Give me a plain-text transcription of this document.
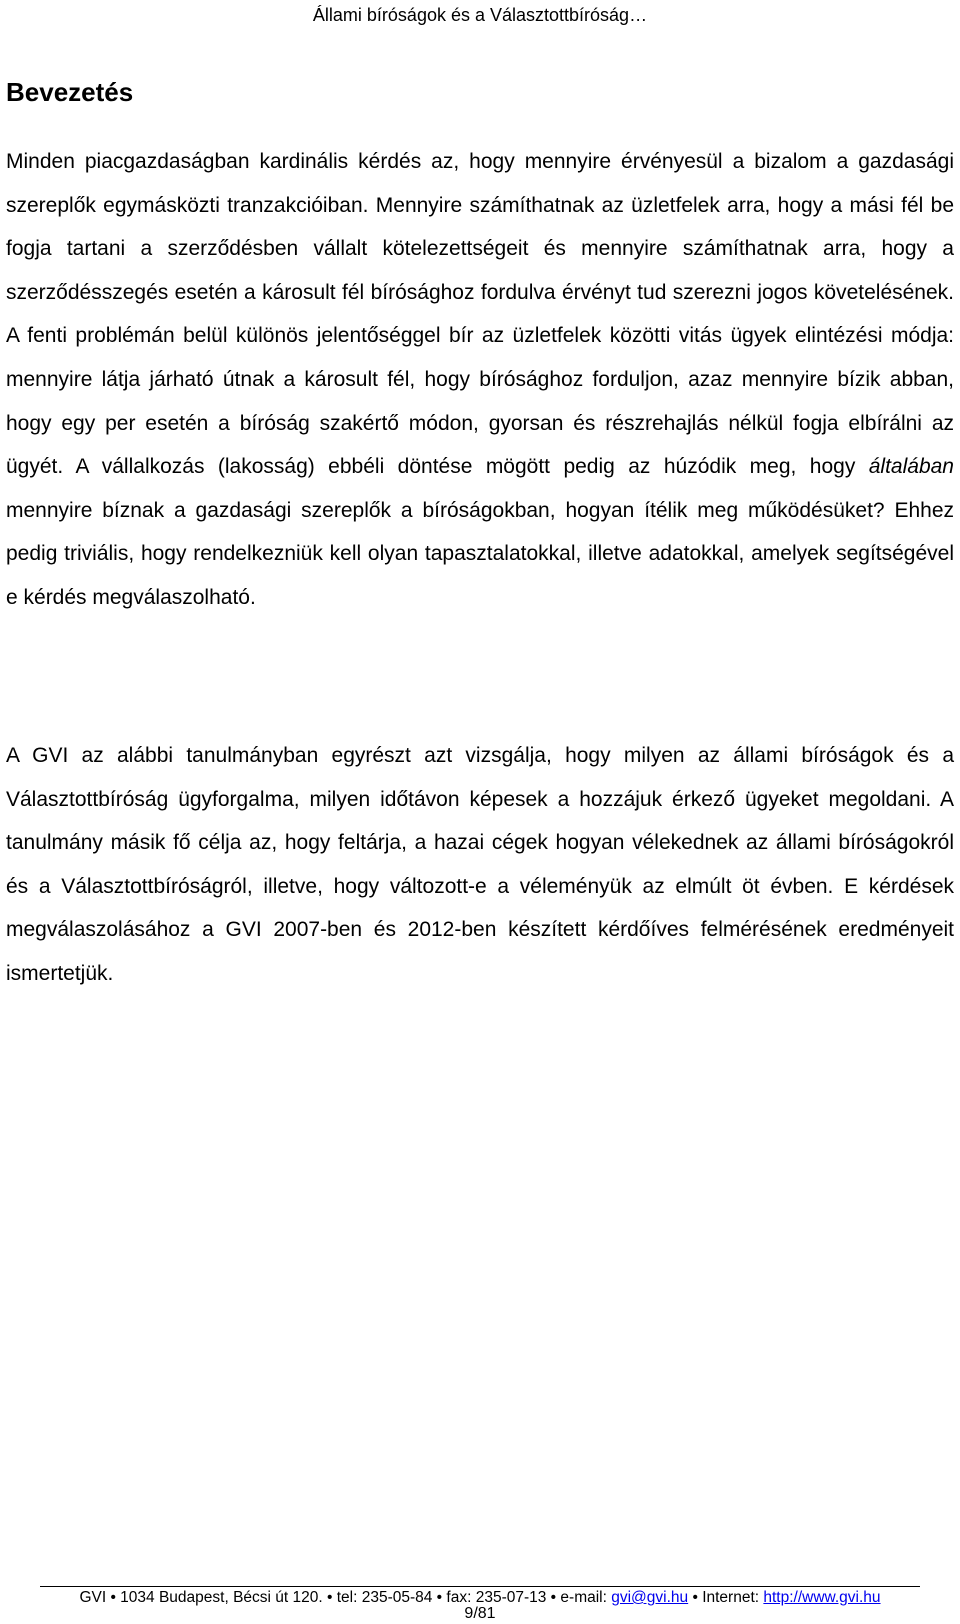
Állami bíróságok és a Választottbíróság…
Bevezetés

Minden piacgazdaságban kardinális kérdés az, hogy mennyire érvényesül a bizalom a gazdasági szereplők egymásközti tranzakcióiban. Mennyire számíthatnak az üzletfelek arra, hogy a mási fél be fogja tartani a szerződésben vállalt kötelezettségeit és mennyire számíthatnak arra, hogy a szerződésszegés esetén a károsult fél bírósághoz fordulva érvényt tud szerezni jogos követelésének. A fenti problémán belül különös jelentőséggel bír az üzletfelek közötti vitás ügyek elintézési módja: mennyire látja járható útnak a károsult fél, hogy bírósághoz forduljon, azaz mennyire bízik abban, hogy egy per esetén a bíróság szakértő módon, gyorsan és részrehajlás nélkül fogja elbírálni az ügyét. A vállalkozás (lakosság) ebbéli döntése mögött pedig az húzódik meg, hogy általában mennyire bíznak a gazdasági szereplők a bíróságokban, hogyan ítélik meg működésüket? Ehhez pedig triviális, hogy rendelkezniük kell olyan tapasztalatokkal, illetve adatokkal, amelyek segítségével e kérdés megválaszolható.

A GVI az alábbi tanulmányban egyrészt azt vizsgálja, hogy milyen az állami bíróságok és a Választottbíróság ügyforgalma, milyen időtávon képesek a hozzájuk érkező ügyeket megoldani. A tanulmány másik fő célja az, hogy feltárja, a hazai cégek hogyan vélekednek az állami bíróságokról és a Választottbíróságról, illetve, hogy változott-e a véleményük az elmúlt öt évben. E kérdések megválaszolásához a GVI 2007-ben és 2012-ben készített kérdőíves felmérésének eredményeit ismertetjük.

GVI • 1034 Budapest, Bécsi út 120. • tel: 235-05-84 • fax: 235-07-13 • e-mail: gvi@gvi.hu • Internet: http://www.gvi.hu
9/81
